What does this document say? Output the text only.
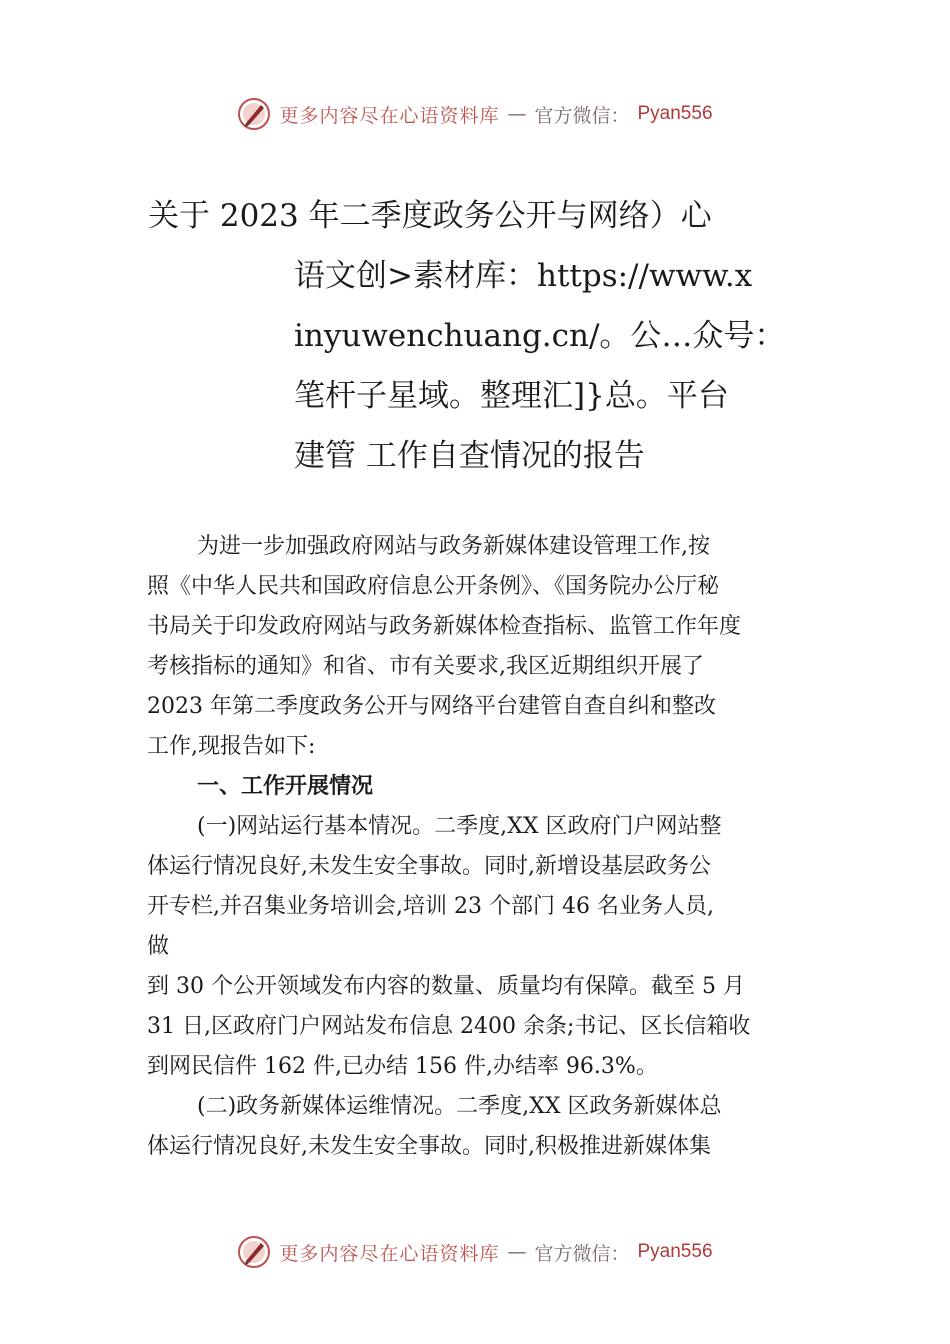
更多内容尽在心语资料库 — 官方微信： Pyan556
关于 2023 年二季度政务公开与网络）心
语文创>素材库：https://www.x
inyuwenchuang.cn/。公…众号：
笔杆子星域。整理汇]}总。平台
建管 工作自查情况的报告
为进一步加强政府网站与政务新媒体建设管理工作,按
照《中华人民共和国政府信息公开条例》、《国务院办公厅秘
书局关于印发政府网站与政务新媒体检查指标、监管工作年度
考核指标的通知》和省、市有关要求,我区近期组织开展了
2023 年第二季度政务公开与网络平台建管自查自纠和整改
工作,现报告如下:
一、工作开展情况
(一)网站运行基本情况。二季度,XX 区政府门户网站整
体运行情况良好,未发生安全事故。同时,新增设基层政务公
开专栏,并召集业务培训会,培训 23 个部门 46 名业务人员,
做
到 30 个公开领域发布内容的数量、质量均有保障。截至 5 月
31 日,区政府门户网站发布信息 2400 余条;书记、区长信箱收
到网民信件 162 件,已办结 156 件,办结率 96.3%。
(二)政务新媒体运维情况。二季度,XX 区政务新媒体总
体运行情况良好,未发生安全事故。同时,积极推进新媒体集
更多内容尽在心语资料库 — 官方微信： Pyan556
